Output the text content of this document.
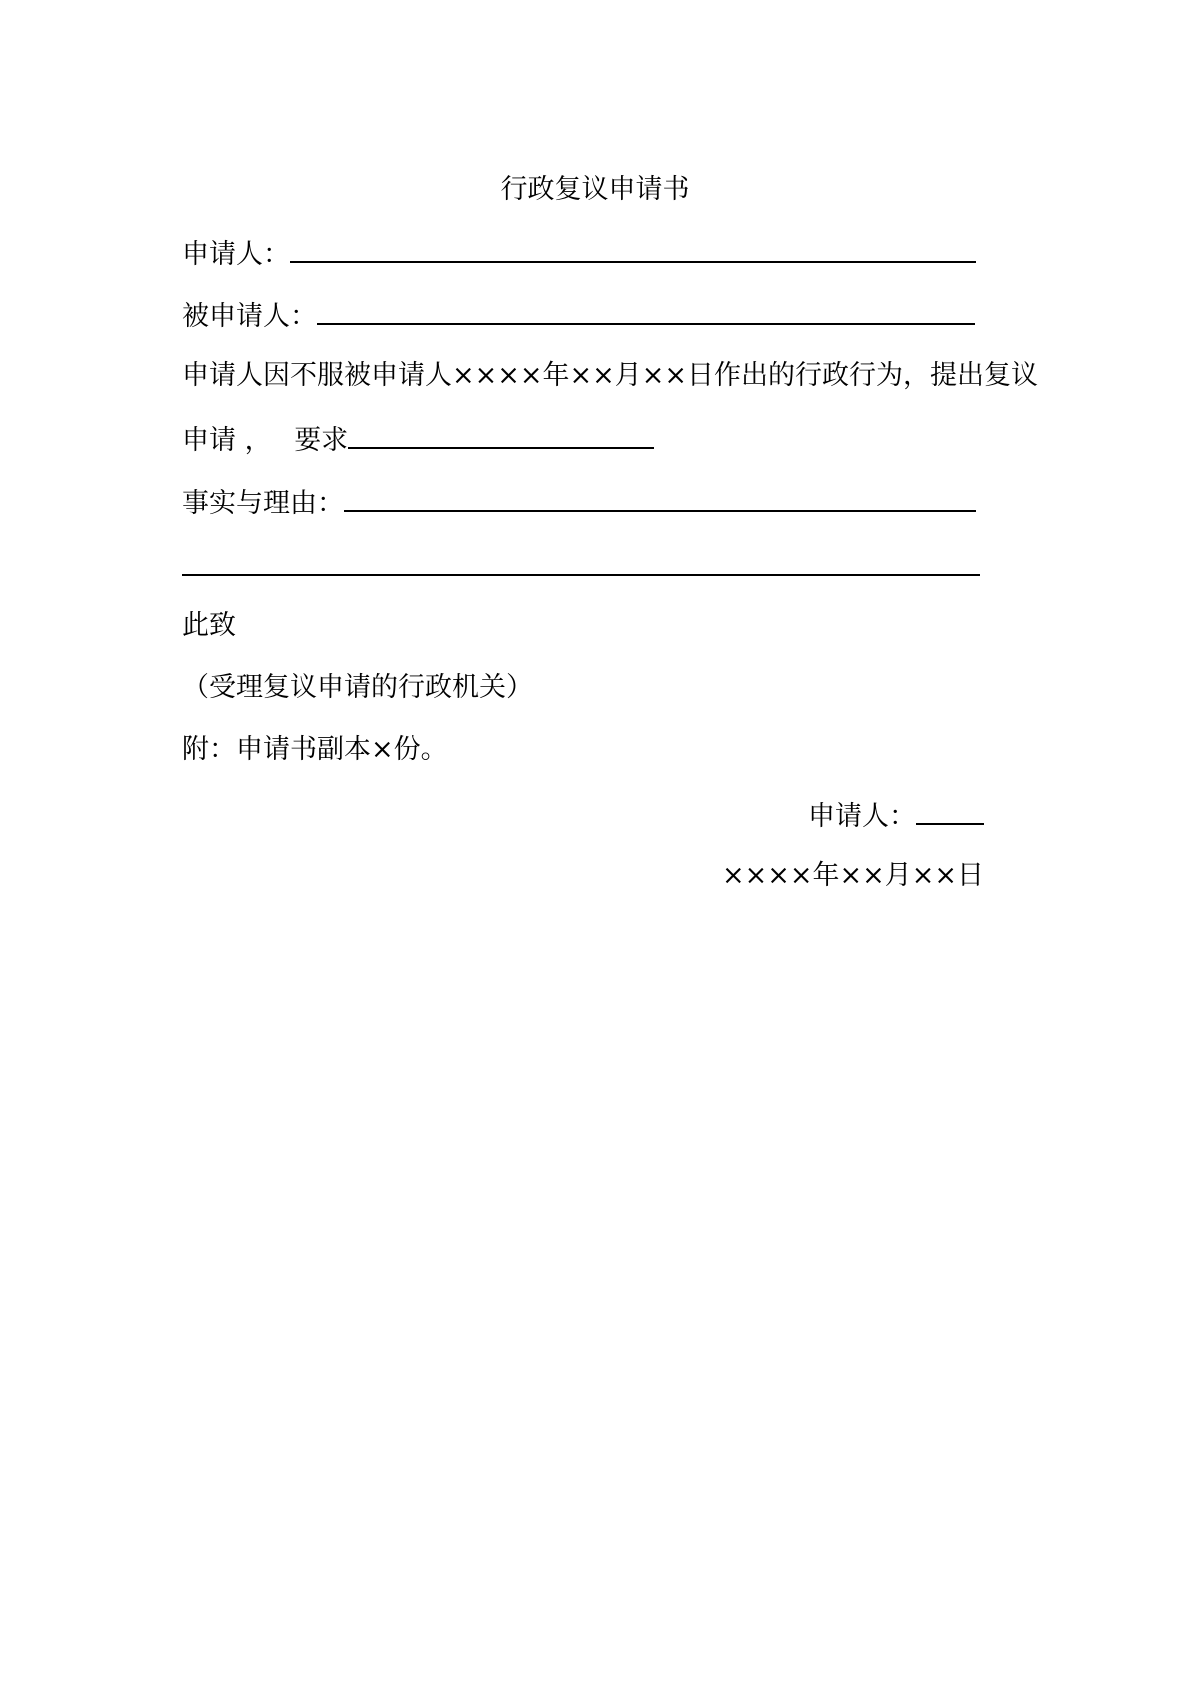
行政复议申请书
申请人：
被申请人：
申请人因不服被申请人××××年××月××日作出的行政行为，提出复议
申请 ， 要求
事实与理由：
此致
（受理复议申请的行政机关）
附：申请书副本×份。
申请人：
××××年××月××日
